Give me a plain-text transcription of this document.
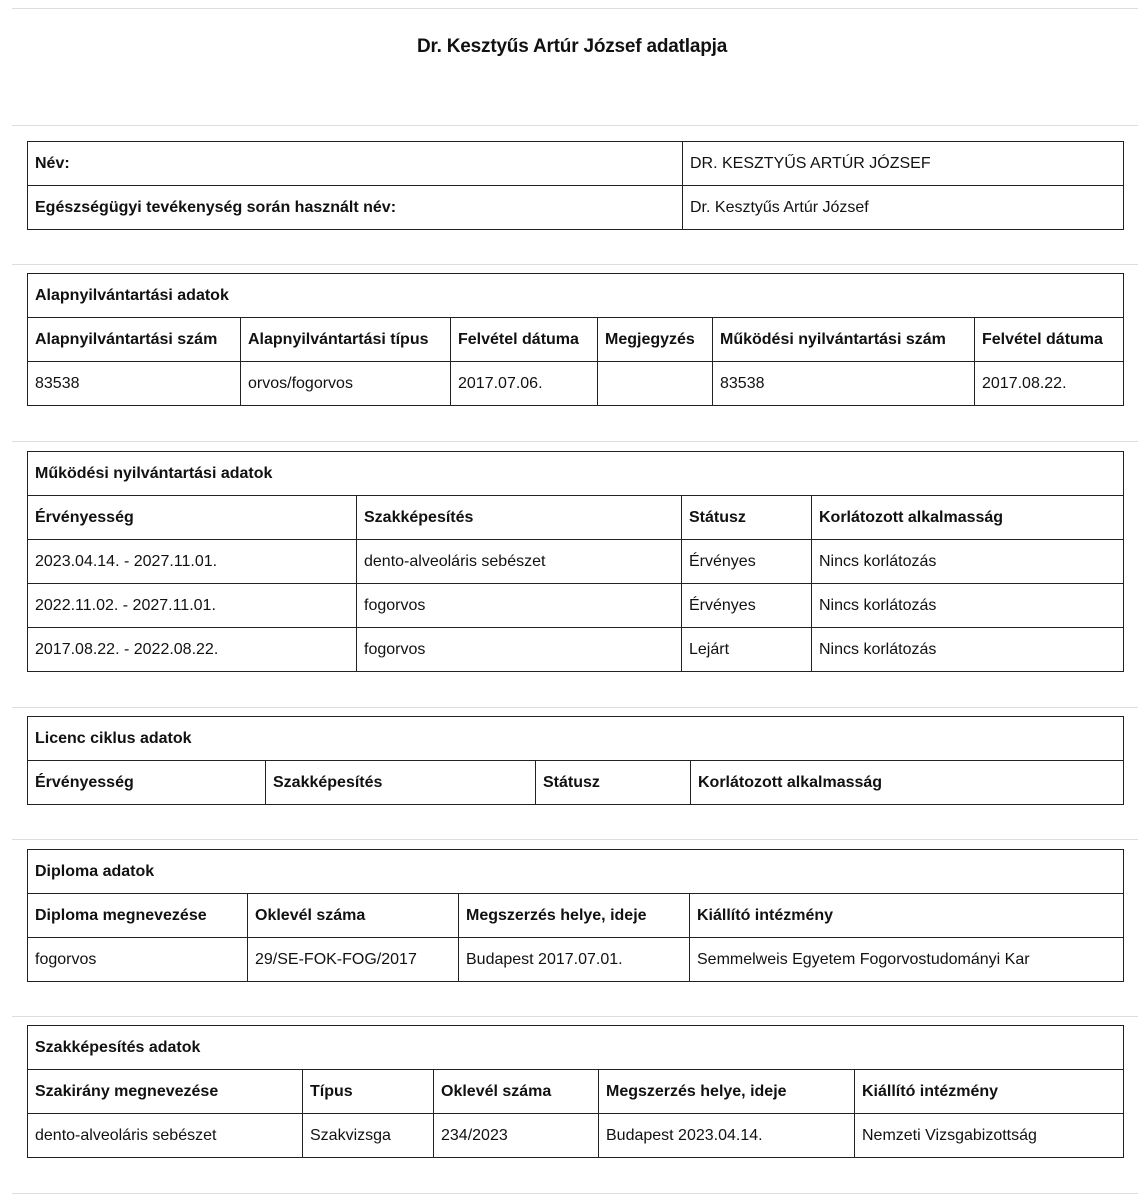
Dr. Kesztyűs Artúr József adatlapja
Név:	DR. KESZTYŰS ARTÚR JÓZSEF
Egészségügyi tevékenység során használt név:	Dr. Kesztyűs Artúr József
Alapnyilvántartási adatok					
Alapnyilvántartási szám	Alapnyilvántartási típus	Felvétel dátuma	Megjegyzés	Működési nyilvántartási szám	Felvétel dátuma
83538	orvos/fogorvos	2017.07.06.		83538	2017.08.22.
Működési nyilvántartási adatok			
Érvényesség	Szakképesítés	Státusz	Korlátozott alkalmasság
2023.04.14. - 2027.11.01.	dento-alveoláris sebészet	Érvényes	Nincs korlátozás
2022.11.02. - 2027.11.01.	fogorvos	Érvényes	Nincs korlátozás
2017.08.22. - 2022.08.22.	fogorvos	Lejárt	Nincs korlátozás
Licenc ciklus adatok
Érvényesség	Szakképesítés	Státusz	Korlátozott alkalmasság
Diploma adatok			
Diploma megnevezése	Oklevél száma	Megszerzés helye, ideje	Kiállító intézmény
fogorvos	29/SE-FOK-FOG/2017	Budapest 2017.07.01.	Semmelweis Egyetem Fogorvostudományi Kar
Szakképesítés adatok				
Szakirány megnevezése	Típus	Oklevél száma	Megszerzés helye, ideje	Kiállító intézmény
dento-alveoláris sebészet	Szakvizsga	234/2023	Budapest 2023.04.14.	Nemzeti Vizsgabizottság
